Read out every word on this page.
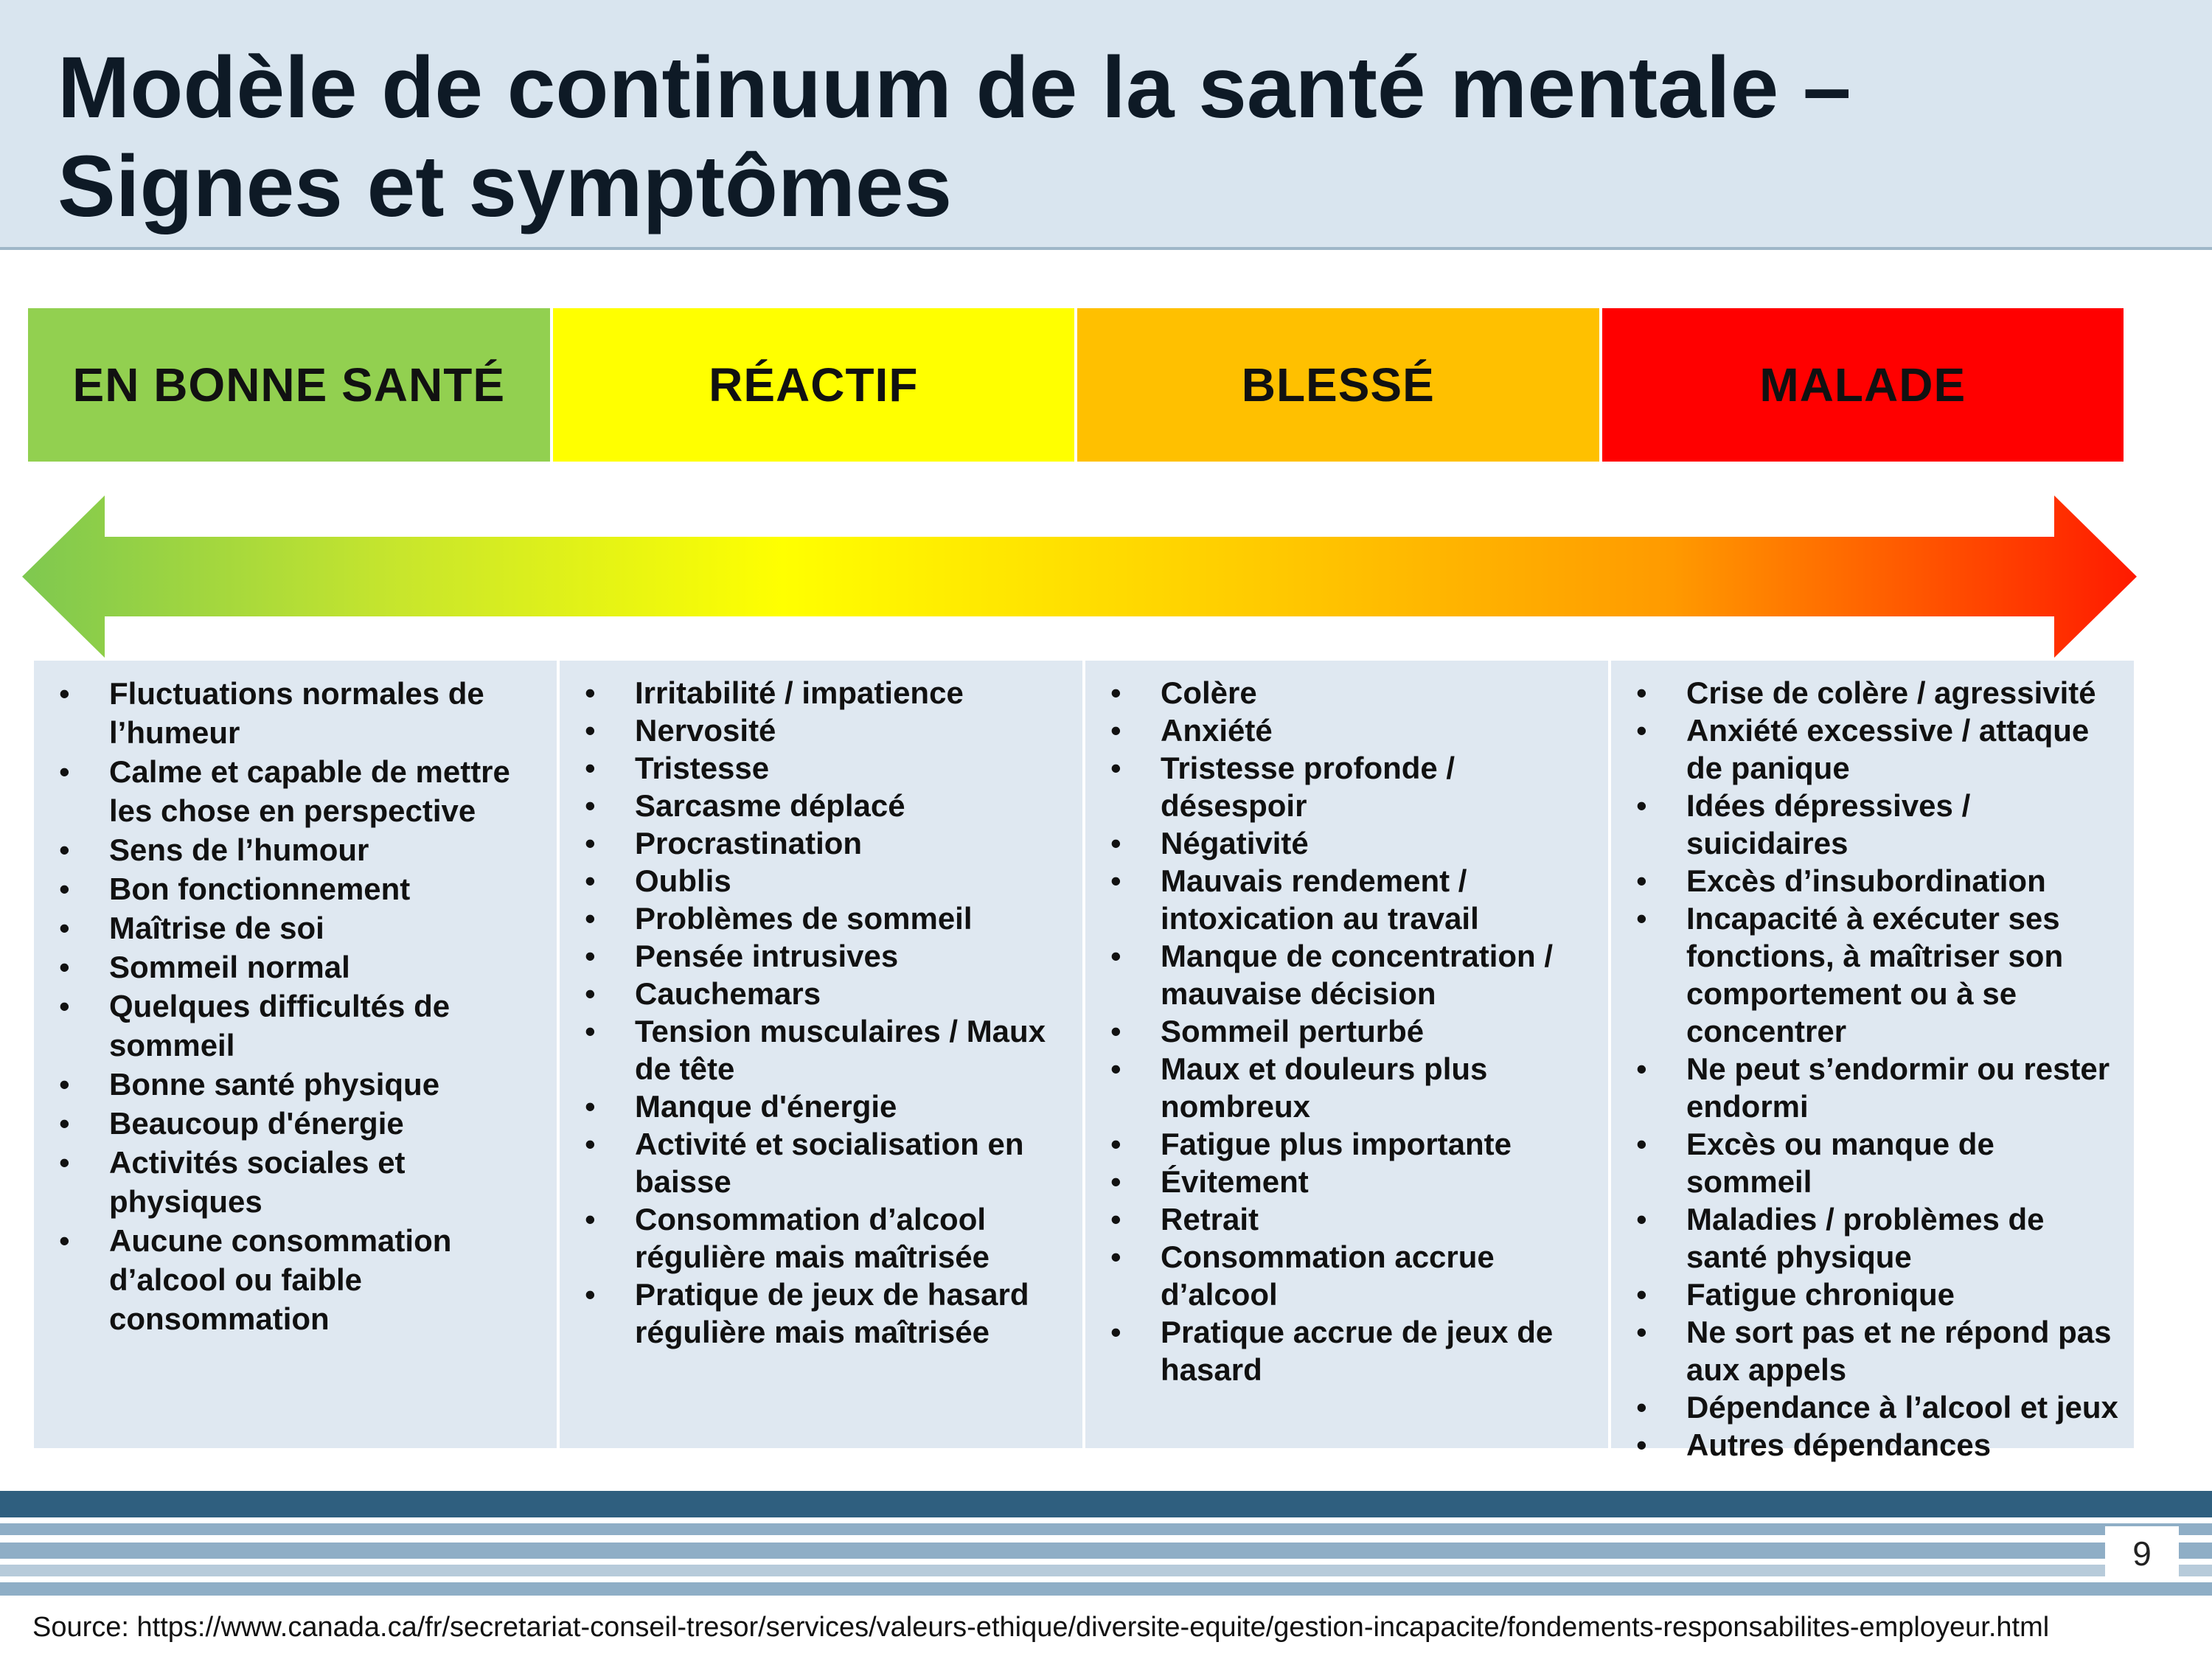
Modèle de continuum de la santé mentale –
Signes et symptômes
EN BONNE SANTÉ	RÉACTIF	BLESSÉ	MALADE
• Fluctuations normales de
l’humeur
• Calme et capable de mettre
les chose en perspective
• Sens de l’humour
• Bon fonctionnement
• Maîtrise de soi
• Sommeil normal
• Quelques difficultés de
sommeil
• Bonne santé physique
• Beaucoup d'énergie
• Activités sociales et
physiques
• Aucune consommation
d’alcool ou faible
consommation
• Irritabilité / impatience
• Nervosité
• Tristesse
• Sarcasme déplacé
• Procrastination
• Oublis
• Problèmes de sommeil
• Pensée intrusives
• Cauchemars
• Tension musculaires / Maux
de tête
• Manque d'énergie
• Activité et socialisation en
baisse
• Consommation d’alcool
régulière mais maîtrisée
• Pratique de jeux de hasard
régulière mais maîtrisée
• Colère
• Anxiété
• Tristesse profonde /
désespoir
• Négativité
• Mauvais rendement /
intoxication au travail
• Manque de concentration /
mauvaise décision
• Sommeil perturbé
• Maux et douleurs plus
nombreux
• Fatigue plus importante
• Évitement
• Retrait
• Consommation accrue
d’alcool
• Pratique accrue de jeux de
hasard
• Crise de colère / agressivité
• Anxiété excessive / attaque
de panique
• Idées dépressives /
suicidaires
• Excès d’insubordination
• Incapacité à exécuter ses
fonctions, à maîtriser son
comportement ou à se
concentrer
• Ne peut s’endormir ou rester
endormi
• Excès ou manque de sommeil
• Maladies / problèmes de
santé physique
• Fatigue chronique
• Ne sort pas et ne répond pas
aux appels
• Dépendance à l’alcool et jeux
• Autres dépendances
9
Source: https://www.canada.ca/fr/secretariat-conseil-tresor/services/valeurs-ethique/diversite-equite/gestion-incapacite/fondements-responsabilites-employeur.html
